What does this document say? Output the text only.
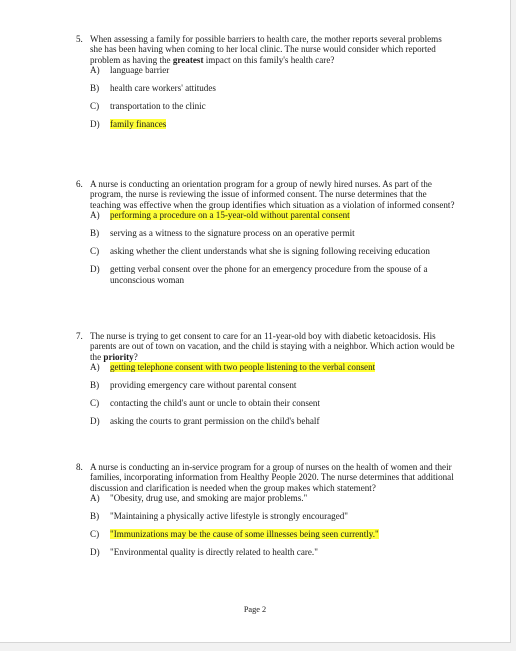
5. When assessing a family for possible barriers to health care, the mother reports several problems she has been having when coming to her local clinic. The nurse would consider which reported problem as having the greatest impact on this family's health care?
A)	language barrier
B)	health care workers' attitudes
C)	transportation to the clinic
D)	family finances
6. A nurse is conducting an orientation program for a group of newly hired nurses. As part of the program, the nurse is reviewing the issue of informed consent. The nurse determines that the teaching was effective when the group identifies which situation as a violation of informed consent?
A)	performing a procedure on a 15-year-old without parental consent
B)	serving as a witness to the signature process on an operative permit
C)	asking whether the client understands what she is signing following receiving education
D)	getting verbal consent over the phone for an emergency procedure from the spouse of a unconscious woman
7. The nurse is trying to get consent to care for an 11-year-old boy with diabetic ketoacidosis. His parents are out of town on vacation, and the child is staying with a neighbor. Which action would be the priority?
A)	getting telephone consent with two people listening to the verbal consent
B)	providing emergency care without parental consent
C)	contacting the child's aunt or uncle to obtain their consent
D)	asking the courts to grant permission on the child's behalf
8. A nurse is conducting an in-service program for a group of nurses on the health of women and their families, incorporating information from Healthy People 2020. The nurse determines that additional discussion and clarification is needed when the group makes which statement?
A)	"Obesity, drug use, and smoking are major problems."
B)	"Maintaining a physically active lifestyle is strongly encouraged"
C)	"Immunizations may be the cause of some illnesses being seen currently."
D)	"Environmental quality is directly related to health care."
Page 2
